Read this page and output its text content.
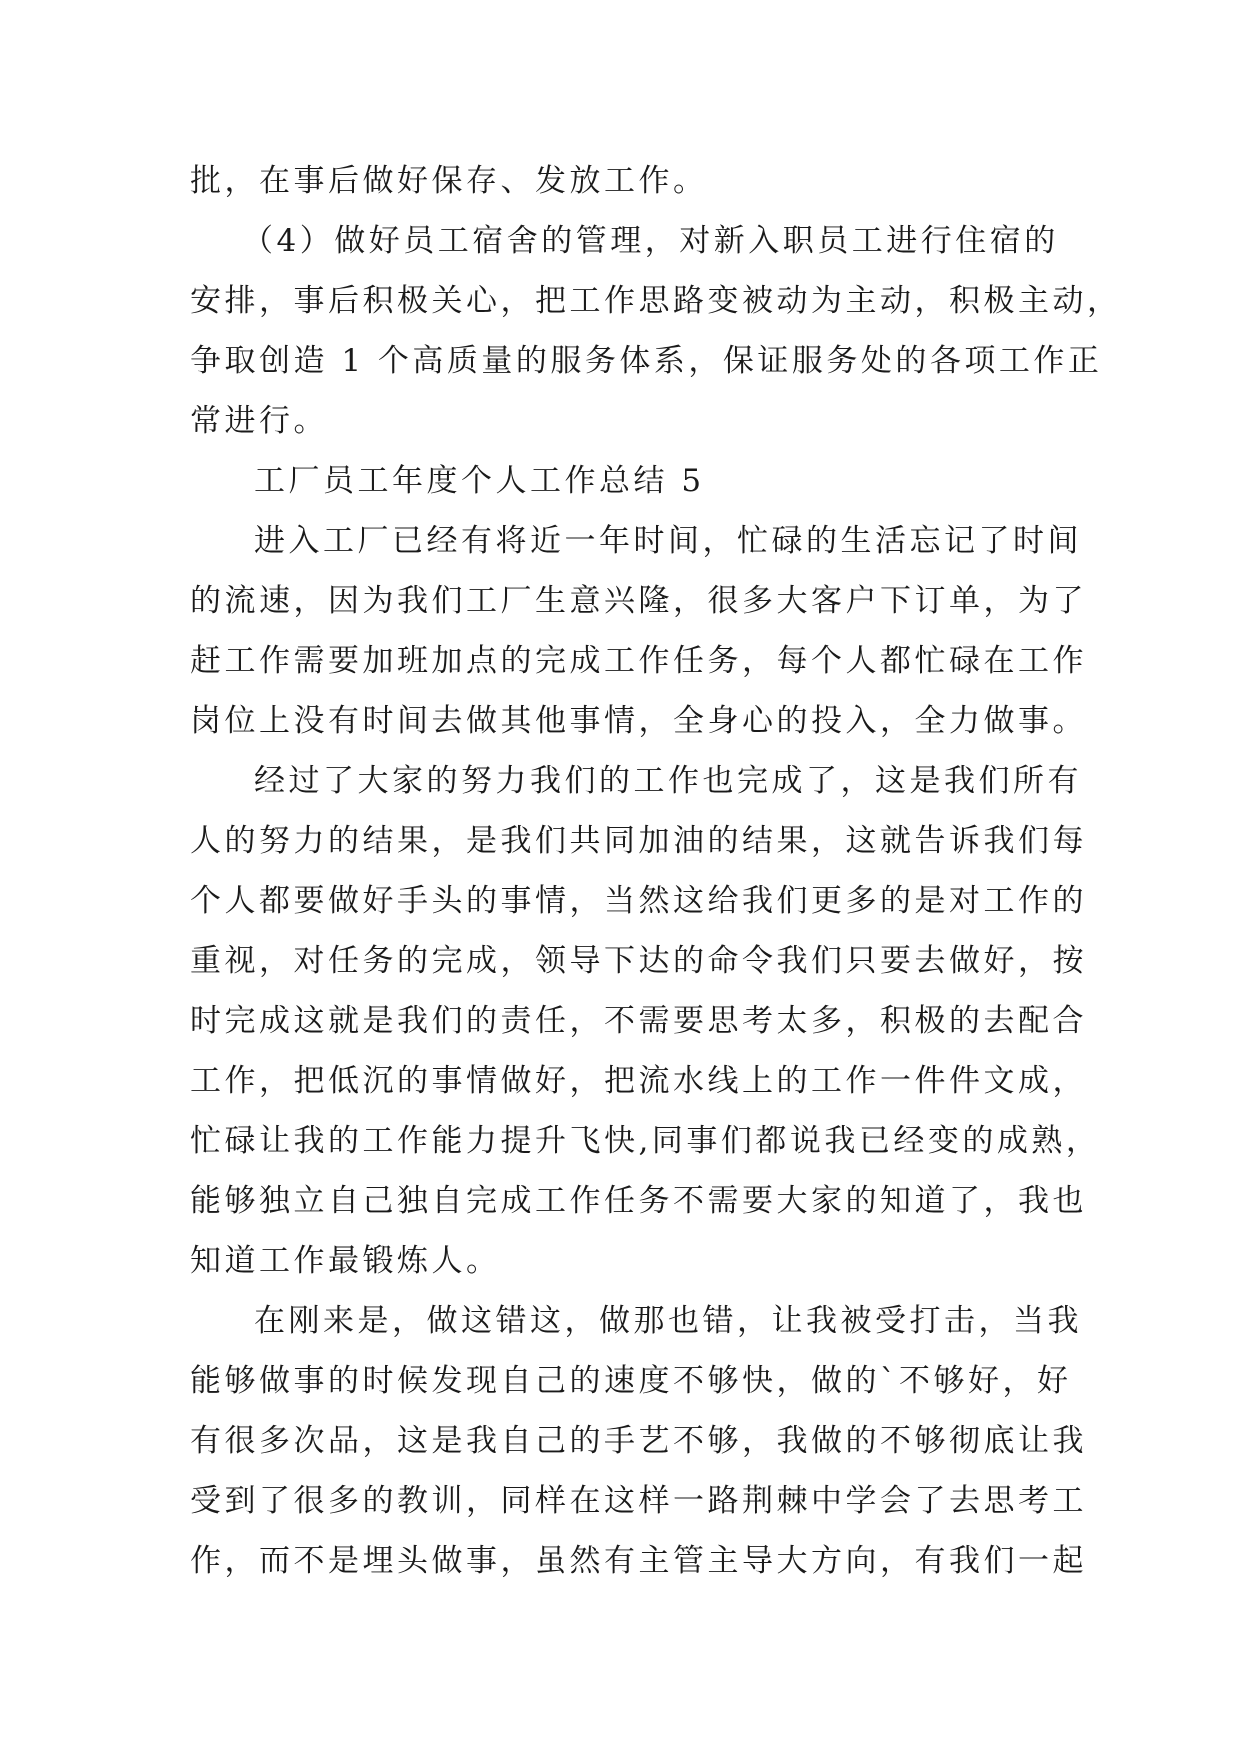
批，在事后做好保存、发放工作。
（4）做好员工宿舍的管理，对新入职员工进行住宿的
安排，事后积极关心，把工作思路变被动为主动，积极主动，
争取创造 1 个高质量的服务体系，保证服务处的各项工作正
常进行。
工厂员工年度个人工作总结 5
进入工厂已经有将近一年时间，忙碌的生活忘记了时间
的流速，因为我们工厂生意兴隆，很多大客户下订单，为了
赶工作需要加班加点的完成工作任务，每个人都忙碌在工作
岗位上没有时间去做其他事情，全身心的投入，全力做事。
经过了大家的努力我们的工作也完成了，这是我们所有
人的努力的结果，是我们共同加油的结果，这就告诉我们每
个人都要做好手头的事情，当然这给我们更多的是对工作的
重视，对任务的完成，领导下达的命令我们只要去做好，按
时完成这就是我们的责任，不需要思考太多，积极的去配合
工作，把低沉的事情做好，把流水线上的工作一件件文成，
忙碌让我的工作能力提升飞快,同事们都说我已经变的成熟，
能够独立自己独自完成工作任务不需要大家的知道了，我也
知道工作最锻炼人。
在刚来是，做这错这，做那也错，让我被受打击，当我
能够做事的时候发现自己的速度不够快，做的`不够好，好
有很多次品，这是我自己的手艺不够，我做的不够彻底让我
受到了很多的教训，同样在这样一路荆棘中学会了去思考工
作，而不是埋头做事，虽然有主管主导大方向，有我们一起
